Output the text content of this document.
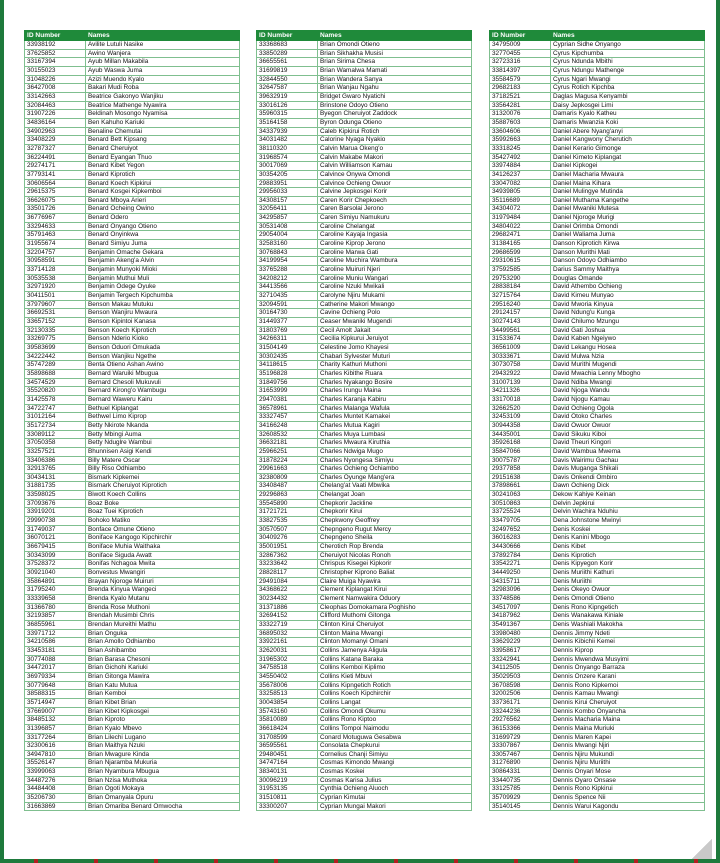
ID Number	Names
33938192	Avilite Lutuli Nasike
37625852	Awino Wanjera
33167394	Ayub Millan Makabila
30155023	Ayub Waswa Juma
31048226	Azizi Muendo Kyalo
36427008	Bakari Mudi Roba
33142663	Beatrice Gakonyo Wanjiku
32084463	Beatrice Mathenge Nyawira
31907226	Beldinah Mosongo Nyamisa
34836164	Ben Kahuho Kariuki
34902963	Benaline Chemutai
33408229	Benard Bett Kipsang
32787327	Benard Cheruiyot
36224491	Benard Eyangan Thuo
29274171	Benard Kibet Yegon
37793141	Benard Kiprotich
30606564	Benard Koech Kipkirui
29615375	Benard Kosgei Kipkemboi
36626075	Benard Mboya Arieri
33501726	Benard Ocheing Owino
36776967	Benard Odero
33294633	Benard Onyango Otieno
35791463	Benard Onyinkwa
31955674	Benard Simiyu Juma
32204757	Benjamin Omache Gekara
30958591	Benjamin Akeng'a Alvin
33714128	Benjamin Munyoki Mioki
30535538	Benjamin Muthui Muli
32971920	Benjamin Odege Oyuke
30411501	Benjamin Tergech Kipchumba
37979607	Benson Makau Mutuku
36692531	Benson Wanjiru Mwaura
33657152	Benson Kipintoi Kanasa
32130335	Benson Koech Kiprotich
33269775	Benson Nderio Kioko
39583699	Benson Oduori Omukada
34222442	Benson Wanjiku Ngethe
35747289	Benta Otieno Ashan Awino
35898688	Bernard Waruiki Mbugua
34574529	Bernard Chesoli Mukuvuli
35520820	Bernard Kirong'o Wambugu
31425578	Bernard Waweru Kairu
34722747	Bethuel Kiplangat
31012164	Bethwel Limo Kiprop
35172734	Betty Nkirote Nkanda
33089112	Betty Mbingi Auma
37050358	Betty Nduglre Wambui
33257521	Bhunnisen Asigi Kendi
33406386	Billy Matere Oscar
32913765	Billy Riso Odhiambo
30434131	Bismark Kipkemei
31881735	Bismark Cheruiyot Kiprotich
33598025	Biwott Koech Collins
37093676	Boaz Boke
33919201	Boaz Tuei Kiprotich
29990738	Bohoko Matiko
31749037	Bonface Omune Otieno
36070121	Boniface Kangogo Kipchirchir
36679415	Boniface Muhia Waithaka
30343099	Boniface Siguda Awatt
37528372	Bonifas Nchagoa Mwita
30921040	Bonvestus Mwangiri
35864891	Brayan Njoroge Muiruri
31795240	Brenda Kinyua Wangeci
33339658	Brenda Kyalo Mutanu
31366780	Brenda Rose Muthoni
32193857	Brendah Musimbi Chris
36855961	Brendan Mureithi Mathu
33971712	Brian Onguka
34210586	Brian Amollo Odhiambo
33453181	Brian Ashibambo
30774088	Brian Barasa Chesoni
34472017	Brian Gichohi Kariuki
36979334	Brian Gitonga Mawira
30779648	Brian Katu Mutua
38588315	Brian Kemboi
35714947	Brian Kibet Brian
37669007	Brian Kibet Kipkosgei
38485132	Brian Kiproto
31396857	Brian Kyalo Mbevo
33177264	Brian Lilechi Lugano
32300616	Brian Maithya Nzuki
34947810	Brian Mwagure Kinda
35526147	Brian Njaramba Mukuria
33999063	Brian Nyambura Mbugua
34487276	Brian Nzisa Muthoka
34484408	Brian Ogoti Mokaya
35206730	Brian Omanyala Opuru
31663869	Brian Omariba Benard Omwocha
ID Number	Names
33368683	Brian Omondi Otieno
33850289	Brian Sikhakha Musisi
36655561	Brian Sirima Chesa
31699819	Brian Wamalwa Mamati
32844550	Brian Wandera Sanya
32647587	Brian Wanjau Ngahu
39632919	Bridget Gwaro Nyatichi
33016126	Brinstone Odoyo Otieno
35960315	Byegon Cheruiyot Zaddock
35164158	Byron Odunga Otieno
34337939	Caleb Kipkirui Rotich
34031482	Calorine Nyaga Nyakio
38110320	Calvin Marua Okeng'o
31968574	Calvin Makabe Makori
30017069	Calvin Williamson Kamau
30354205	Calvince Onywa Omondi
29883951	Calvince Ochieng Owuor
29956033	Calvine Jepkosgei Korir
34308157	Caren Korir Chepkoech
32056411	Caren Barsolai Jerono
34295857	Caren Simiyu Namukuru
30531408	Caroline Chelangat
29054004	Caroline Kayaja Ingasia
32583160	Caroline Kiprop Jerono
30768843	Caroline Marwa Gati
34199954	Caroline Muchira Wambura
33765288	Caroline Muiruri Njeri
34208212	Caroline Muniu Wangari
34413566	Caroline Nzuki Mwikali
32710435	Carolyne Njiru Mukami
32094591	Catherine Makori Mwango
30164730	Cavine Ochieng Polo
31449377	Ceaser Mwaniki Mugendi
31803769	Cecil Amolt Jakait
34266311	Cecilia Kipkurui Jeruiyot
31504149	Celestine Jomo Khayesi
30302435	Chabari Sylvester Muturi
34118615	Charity Kathuri Muthoni
35196828	Charles Kibithe Ruara
31849756	Charles Nyakango Bosire
31653999	Charles Irungu Maina
29470381	Charles Karanja Kabiru
36578961	Charles Malanga Wafula
33327457	Charles Muntet Kamakei
34166248	Charles Mutua Kagiri
32608532	Charles Muya Lumbasi
36632181	Charles Mwaura Kiruthia
25966251	Charles Ndwiga Mugo
31878224	Charles Nyongesa Simiyu
29961663	Charles Ochieng Ochiambo
32380809	Charles Oyunge Mang'era
33408487	Chelang'at Vaati Mbwika
29296863	Chelangat Joan
35545890	Chepkorir Jackline
31721721	Chepkorir Kirui
33827535	Chepkwony Geoffrey
30570507	Chepngeno Rugut Mercy
30409276	Chepngeno Sheila
35001951	Cherotich Rop Brenda
32867362	Cheruiyot Nicolas Ronoh
33233642	Chrispus Kisegei Kipkorir
28828117	Christopher Kiprono Baliat
29491084	Claire Muiga Nyawira
34368622	Clement Kiplangat Kirui
30234432	Clement Namwakira Oduory
31371886	Cleophas Domokamara Poghisho
32694152	Clifford Muthomi Gitonga
33322719	Clinton Kirui Cheruiyot
36895032	Clinton Maina Mwangi
33922161	Clinton Momanyi Omani
32620031	Collins Jamenya Aligula
31965302	Collins Katana Baraka
34758518	Collins Kemboi Kiplimo
34550402	Collins Kieti Mbuvi
35678006	Collins Kipngetich Rotich
33258513	Collins Koech Kipchirchir
30043854	Collins Langat
35743160	Collins Omondi Okumu
35810089	Collins Rono Kiptoo
36618424	Collins Tompoi Naimodu
31708599	Conard Motuguwa Gesabwa
36595561	Consolata Chepkurui
29480451	Cornelius Chanji Simiyu
34747164	Cosmas Kimondo Mwangi
38340131	Cosmas Koskei
30096219	Cosmas Karisa Julius
31953135	Cynthia Ochieng Aluoch
31510811	Cyprian Kimutai
33300207	Cyprian Mungai Makori
ID Number	Names
34795009	Cyprian Sidhe Onyango
32770455	Cyrus Kipchumba
32723316	Cyrus Ndunda Mbithi
33814397	Cyrus Ndungu Mathenge
35584579	Cyrus Ngari Mwangi
29682183	Cyrus Rotich Kipchba
37182521	Daglas Magusa Kenyambi
33564281	Daisy Jepkosgei Limi
31320076	Damaris Kyalo Katheu
35887603	Damaris Mwanzia Koki
33604606	Daniel Abere Nyang'anyi
35992663	Daniel Kangwony Cherutich
33318245	Daniel Kerario Gimonge
35427492	Daniel Kimeto Kiplangat
33974884	Daniel Kipkogei
34126237	Daniel Macharia Mwaura
33047082	Daniel Maina Kihara
34939805	Daniel Mulingye Mutinda
35116689	Daniel Muthama Kangethe
34304072	Daniel Mwaniki Mutesa
31979484	Daniel Njoroge Murigi
34804022	Daniel Orimba Omondi
29682471	Daniel Waliama Juma
31384165	Danson Kiprotich Kirwa
29686599	Danson Murithi Mati
29310615	Danson Odoyo Odhiambo
37592585	Darius Sammy Maithya
29753290	Douglas Omande
28838184	David Athembo Ochieng
32715764	David Kimeu Munyao
29516240	David Mworia Kinyua
29124157	David Ndung'u Kunga
30274143	David Chilumo Mzungu
34499561	David Gati Joshua
31533674	David Kaben Ngeiywo
36561009	David Lekangu Hosea
30333671	David Mulwa Nzia
30730758	David Murithi Mugendi
29432922	David Mwachia Lenny Mbogho
31007139	David Ndiba Mwangi
34211326	David Njoga Wandu
33170018	David Njogu Kamau
32662520	David Ochieng Ogola
32453109	David Otoko Charles
30944358	David Owuor Owuor
34435001	David Sikuku Kiboi
35926168	David Theuri Kingori
35847066	David Wambua Mwema
30075787	Davis Wairimu Gachau
29377858	Davis Muganga Shikali
29151638	Davis Onkendi Ombiro
37898661	Dawn Ochieng Dick
30241063	Dekow Kahiye Keinan
30510863	Delvin Jepkirui
33725524	Delvin Wachira Nduhiu
33479705	Dena Johnstone Mwinyi
32497652	Denis Koskei
36016283	Denis Kanini Mbogo
34430666	Denis Kibet
37892784	Denis Kiprotich
33542271	Denis Kipyegon Korir
34449250	Denis Muriithi Kathuri
34315711	Denis Muriithi
32983096	Denis Okeyo Owuor
33748586	Denis Omondi Otieno
34517097	Denis Rono Kipngetich
34187962	Denis Wanakawa Kiniale
35491367	Denis Washiali Makokha
33980480	Dennis Jimmy Ndeti
33629229	Dennis Kibichii Kemei
33958617	Dennis Kiprop
33242941	Dennis Mwendwa Musyimi
34112505	Dennis Onyango Barraza
35029503	Dennis Onzere Karani
36708598	Dennis Rono Kipkemoi
32002506	Dennis Kamau Mwangi
33736171	Dennis Kirui Cheruiyot
33244236	Dennis Kombo Onyancha
29276562	Dennis Macharia Maina
36153366	Dennis Maina Muriuki
31699729	Dennis Maren Kapei
33307867	Dennis Mwangi Njiri
33057467	Dennis Njiru Mukundi
31276890	Dennis Njiru Muriithi
30864331	Dennis Onyari Mose
33440735	Dennis Oyaro Onsase
33125785	Dennis Rono Kipkirui
35709929	Dennis Spence Nii
35140145	Dennis Warui Kagondu
